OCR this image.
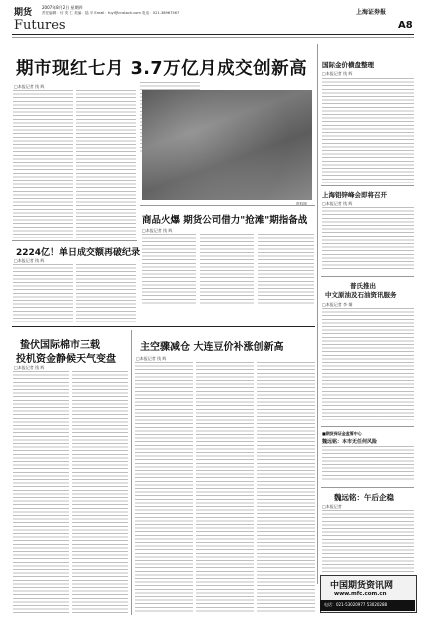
期货
2007年8月2日 星期四
责任编辑：付 奕 仁 美编：陆 平 Email：fuyi@cnstock.com 电话：021-38967567
Futures
上海证券报
A8
期市现红七月 3.7万亿月成交创新高
□本报记者 钱 辉
资料图
国际金价横盘整理
□本报记者 钱 辉
上海铝锌峰会即将召开
□本报记者 钱 辉
普氏推出
中文原油及石油资讯服务
□本报记者 李 炯
■期货保证金监管中心
魏远铭：本市无任何风险
魏远铭：午后企稳
□本报记者
中国期货资讯网
www.mfc.com.cn
电话：021-53020977 53020288
商品火爆 期货公司借力"抢滩"期指备战
□本报记者 钱 辉
2224亿！单日成交额再破纪录
□本报记者 钱 辉
蛰伏国际棉市三载
投机资金静候天气变盘
□本报记者 钱 辉
主空骤减仓 大连豆价补涨创新高
□本报记者 钱 辉
